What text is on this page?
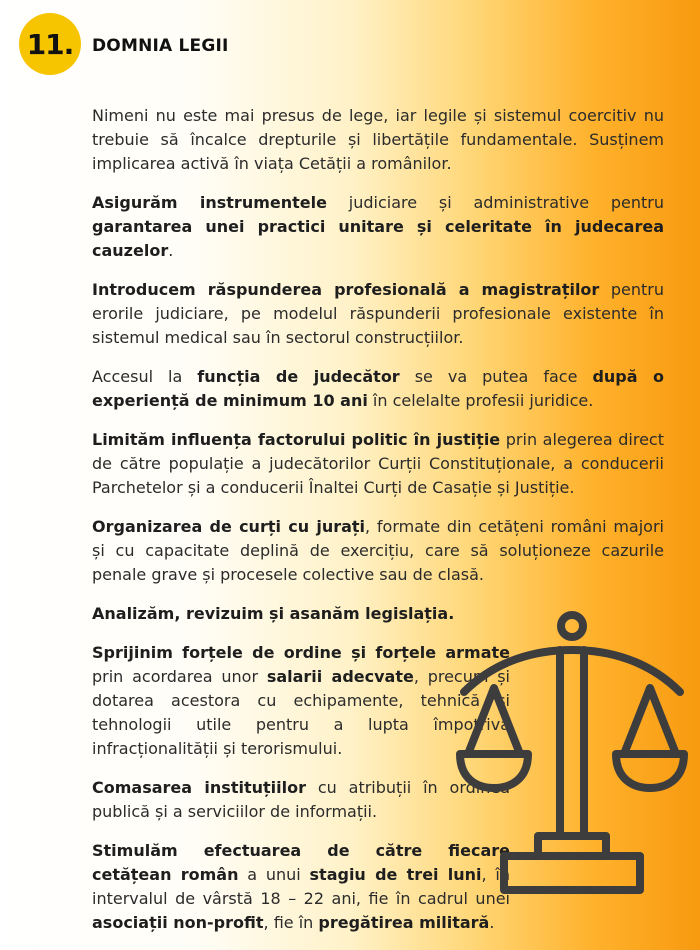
11. DOMNIA LEGII

Nimeni nu este mai presus de lege, iar legile și sistemul coercitiv nu trebuie să încalce drepturile și libertățile fundamentale. Susținem implicarea activă în viața Cetății a românilor.

Asigurăm instrumentele judiciare și administrative pentru garantarea unei practici unitare și celeritate în judecarea cauzelor.

Introducem răspunderea profesională a magistraților pentru erorile judiciare, pe modelul răspunderii profesionale existente în sistemul medical sau în sectorul construcțiilor.

Accesul la funcția de judecător se va putea face după o experiență de minimum 10 ani în celelalte profesii juridice.

Limităm influența factorului politic în justiție prin alegerea direct de către populație a judecătorilor Curții Constituționale, a conducerii Parchetelor și a conducerii Înaltei Curți de Casație și Justiție.

Organizarea de curți cu jurați, formate din cetățeni români majori și cu capacitate deplină de exercițiu, care să soluționeze cazurile penale grave și procesele colective sau de clasă.

Analizăm, revizuim și asanăm legislația.

Sprijinim forțele de ordine și forțele armate prin acordarea unor salarii adecvate, precum și dotarea acestora cu echipamente, tehnică și tehnologii utile pentru a lupta împotriva infracționalității și terorismului.

Comasarea instituțiilor cu atribuții în ordinea publică și a serviciilor de informații.

Stimulăm efectuarea de către fiecare cetățean român a unui stagiu de trei luni, în intervalul de vârstă 18 – 22 ani, fie în cadrul unei asociații non-profit, fie în pregătirea militară.
